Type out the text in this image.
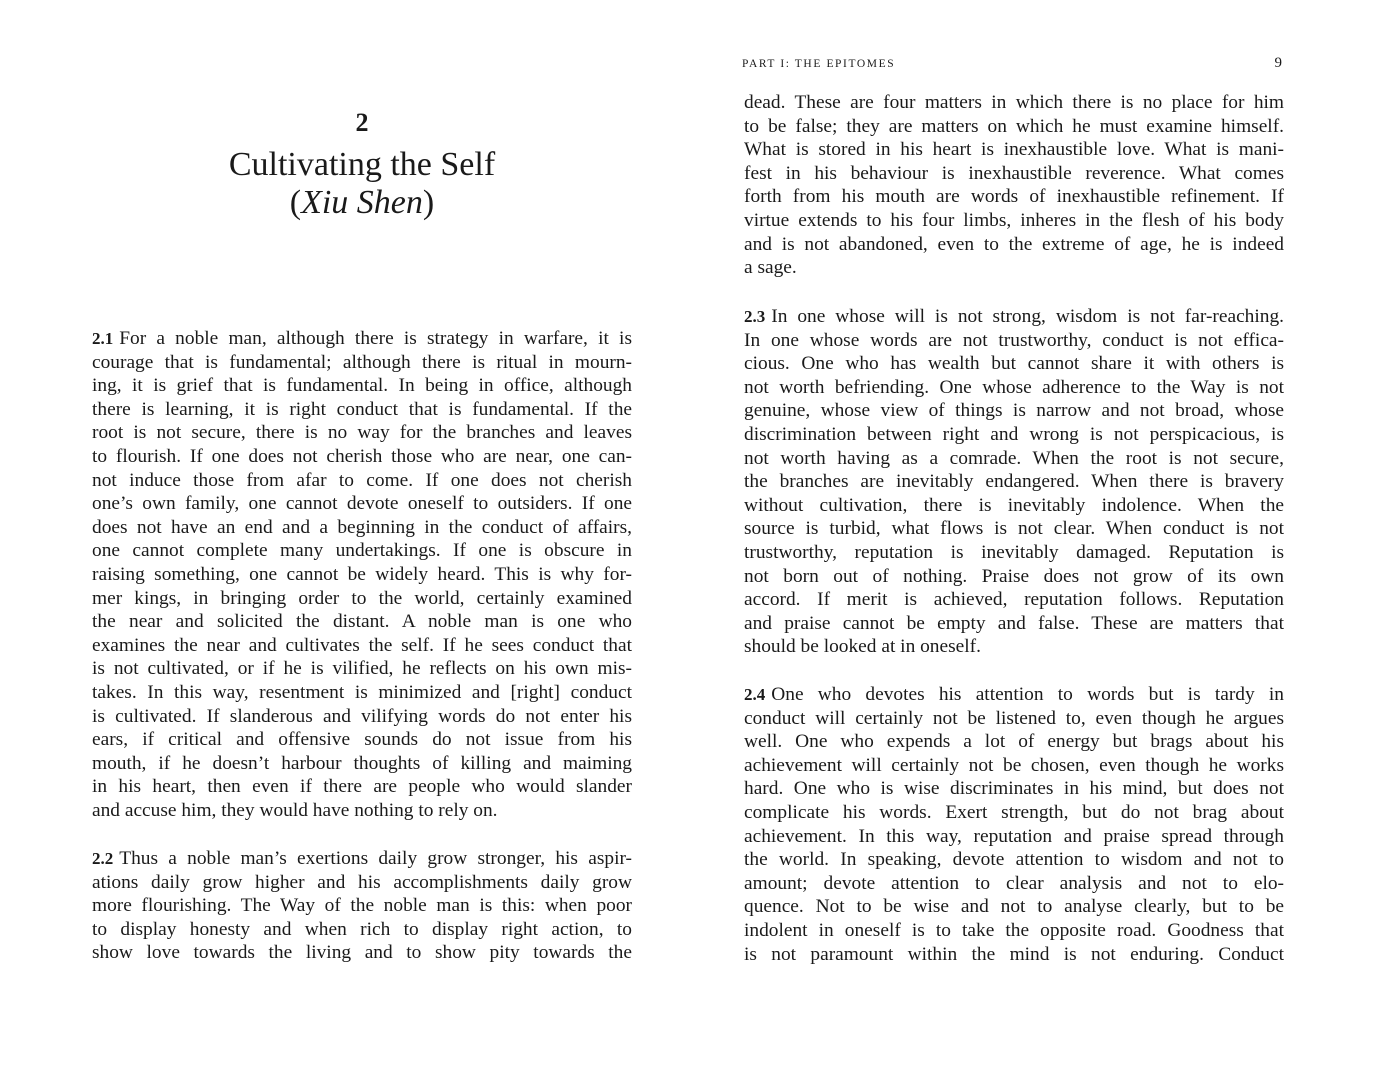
2
Cultivating the Self
(Xiu Shen)
2.1 For a noble man, although there is strategy in warfare, it is
courage that is fundamental; although there is ritual in mourn-
ing, it is grief that is fundamental. In being in office, although
there is learning, it is right conduct that is fundamental. If the
root is not secure, there is no way for the branches and leaves
to flourish. If one does not cherish those who are near, one can-
not induce those from afar to come. If one does not cherish
one’s own family, one cannot devote oneself to outsiders. If one
does not have an end and a beginning in the conduct of affairs,
one cannot complete many undertakings. If one is obscure in
raising something, one cannot be widely heard. This is why for-
mer kings, in bringing order to the world, certainly examined
the near and solicited the distant. A noble man is one who
examines the near and cultivates the self. If he sees conduct that
is not cultivated, or if he is vilified, he reflects on his own mis-
takes. In this way, resentment is minimized and [right] conduct
is cultivated. If slanderous and vilifying words do not enter his
ears, if critical and offensive sounds do not issue from his
mouth, if he doesn’t harbour thoughts of killing and maiming
in his heart, then even if there are people who would slander
and accuse him, they would have nothing to rely on.
2.2 Thus a noble man’s exertions daily grow stronger, his aspir-
ations daily grow higher and his accomplishments daily grow
more flourishing. The Way of the noble man is this: when poor
to display honesty and when rich to display right action, to
show love towards the living and to show pity towards the
PART I: THE EPITOMES	9
dead. These are four matters in which there is no place for him
to be false; they are matters on which he must examine himself.
What is stored in his heart is inexhaustible love. What is mani-
fest in his behaviour is inexhaustible reverence. What comes
forth from his mouth are words of inexhaustible refinement. If
virtue extends to his four limbs, inheres in the flesh of his body
and is not abandoned, even to the extreme of age, he is indeed
a sage.
2.3 In one whose will is not strong, wisdom is not far-reaching.
In one whose words are not trustworthy, conduct is not effica-
cious. One who has wealth but cannot share it with others is
not worth befriending. One whose adherence to the Way is not
genuine, whose view of things is narrow and not broad, whose
discrimination between right and wrong is not perspicacious, is
not worth having as a comrade. When the root is not secure,
the branches are inevitably endangered. When there is bravery
without cultivation, there is inevitably indolence. When the
source is turbid, what flows is not clear. When conduct is not
trustworthy, reputation is inevitably damaged. Reputation is
not born out of nothing. Praise does not grow of its own
accord. If merit is achieved, reputation follows. Reputation
and praise cannot be empty and false. These are matters that
should be looked at in oneself.
2.4 One who devotes his attention to words but is tardy in
conduct will certainly not be listened to, even though he argues
well. One who expends a lot of energy but brags about his
achievement will certainly not be chosen, even though he works
hard. One who is wise discriminates in his mind, but does not
complicate his words. Exert strength, but do not brag about
achievement. In this way, reputation and praise spread through
the world. In speaking, devote attention to wisdom and not to
amount; devote attention to clear analysis and not to elo-
quence. Not to be wise and not to analyse clearly, but to be
indolent in oneself is to take the opposite road. Goodness that
is not paramount within the mind is not enduring. Conduct
